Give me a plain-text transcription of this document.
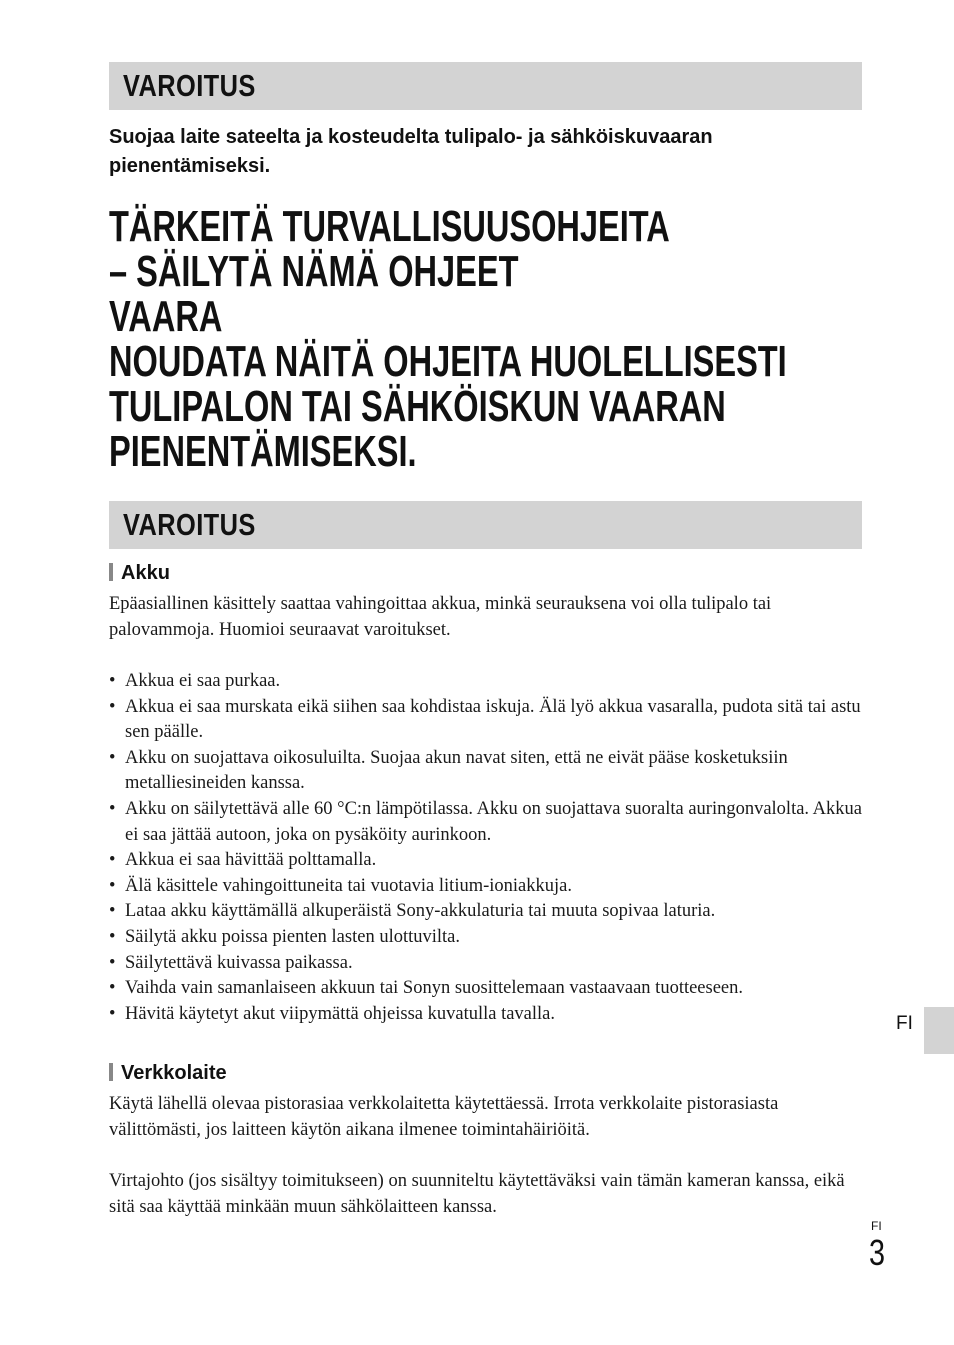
VAROITUS
Suojaa laite sateelta ja kosteudelta tulipalo- ja sähköiskuvaaran pienentämiseksi.
TÄRKEITÄ TURVALLISUUSOHJEITA
– SÄILYTÄ NÄMÄ OHJEET
VAARA
NOUDATA NÄITÄ OHJEITA HUOLELLISESTI
TULIPALON TAI SÄHKÖISKUN VAARAN
PIENENTÄMISEKSI.
VAROITUS
Akku
Epäasiallinen käsittely saattaa vahingoittaa akkua, minkä seurauksena voi olla tulipalo tai palovammoja. Huomioi seuraavat varoitukset.
• Akkua ei saa purkaa.
• Akkua ei saa murskata eikä siihen saa kohdistaa iskuja. Älä lyö akkua vasaralla, pudota sitä tai astu sen päälle.
• Akku on suojattava oikosuluilta. Suojaa akun navat siten, että ne eivät pääse kosketuksiin metalliesineiden kanssa.
• Akku on säilytettävä alle 60 °C:n lämpötilassa. Akku on suojattava suoralta auringonvalolta. Akkua ei saa jättää autoon, joka on pysäköity aurinkoon.
• Akkua ei saa hävittää polttamalla.
• Älä käsittele vahingoittuneita tai vuotavia litium-ioniakkuja.
• Lataa akku käyttämällä alkuperäistä Sony-akkulaturia tai muuta sopivaa laturia.
• Säilytä akku poissa pienten lasten ulottuvilta.
• Säilytettävä kuivassa paikassa.
• Vaihda vain samanlaiseen akkuun tai Sonyn suosittelemaan vastaavaan tuotteeseen.
• Hävitä käytetyt akut viipymättä ohjeissa kuvatulla tavalla.
Verkkolaite
Käytä lähellä olevaa pistorasiaa verkkolaitetta käytettäessä. Irrota verkkolaite pistorasiasta välittömästi, jos laitteen käytön aikana ilmenee toimintahäiriöitä.
Virtajohto (jos sisältyy toimitukseen) on suunniteltu käytettäväksi vain tämän kameran kanssa, eikä sitä saa käyttää minkään muun sähkölaitteen kanssa.
FI
FI
3
